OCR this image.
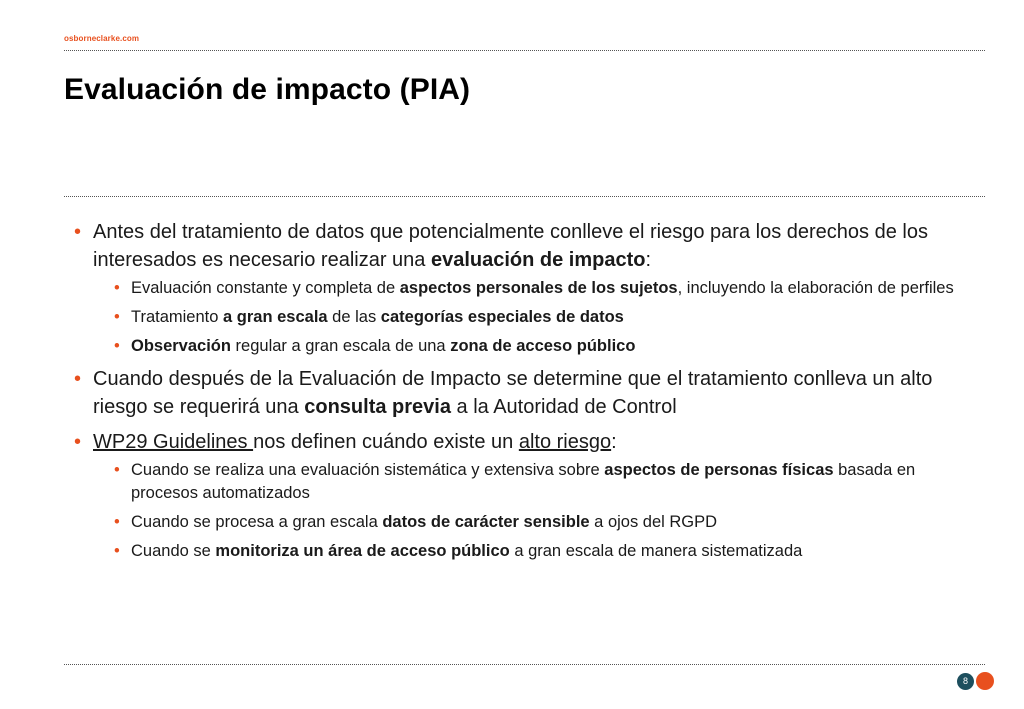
osborneclarke.com
Evaluación de impacto (PIA)
• Antes del tratamiento de datos que potencialmente conlleve el riesgo para los derechos de los interesados es necesario realizar una evaluación de impacto:
• Evaluación constante y completa de aspectos personales de los sujetos, incluyendo la elaboración de perfiles
• Tratamiento a gran escala de las categorías especiales de datos
• Observación regular a gran escala de una zona de acceso público
• Cuando después de la Evaluación de Impacto se determine que el tratamiento conlleva un alto riesgo se requerirá una consulta previa a la Autoridad de Control
• WP29 Guidelines nos definen cuándo existe un alto riesgo:
• Cuando se realiza una evaluación sistemática y extensiva sobre aspectos de personas físicas basada en procesos automatizados
• Cuando se procesa a gran escala datos de carácter sensible a ojos del RGPD
• Cuando se monitoriza un área de acceso público a gran escala de manera sistematizada
8
